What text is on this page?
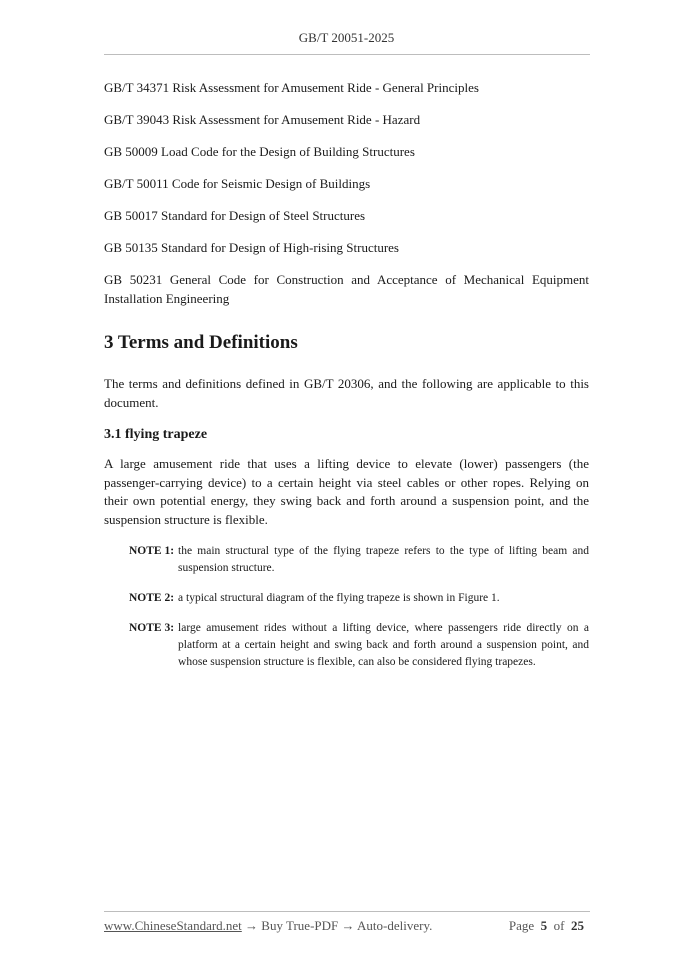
GB/T 20051-2025

GB/T 34371 Risk Assessment for Amusement Ride - General Principles

GB/T 39043 Risk Assessment for Amusement Ride - Hazard

GB 50009 Load Code for the Design of Building Structures

GB/T 50011 Code for Seismic Design of Buildings

GB 50017 Standard for Design of Steel Structures

GB 50135 Standard for Design of High-rising Structures

GB 50231 General Code for Construction and Acceptance of Mechanical Equipment Installation Engineering

3 Terms and Definitions

The terms and definitions defined in GB/T 20306, and the following are applicable to this document.

3.1 flying trapeze

A large amusement ride that uses a lifting device to elevate (lower) passengers (the passenger-carrying device) to a certain height via steel cables or other ropes. Relying on their own potential energy, they swing back and forth around a suspension point, and the suspension structure is flexible.

NOTE 1: the main structural type of the flying trapeze refers to the type of lifting beam and suspension structure.
NOTE 2: a typical structural diagram of the flying trapeze is shown in Figure 1.
NOTE 3: large amusement rides without a lifting device, where passengers ride directly on a platform at a certain height and swing back and forth around a suspension point, and whose suspension structure is flexible, can also be considered flying trapezes.
www.ChineseStandard.net → Buy True-PDF → Auto-delivery.	Page 5 of 25
